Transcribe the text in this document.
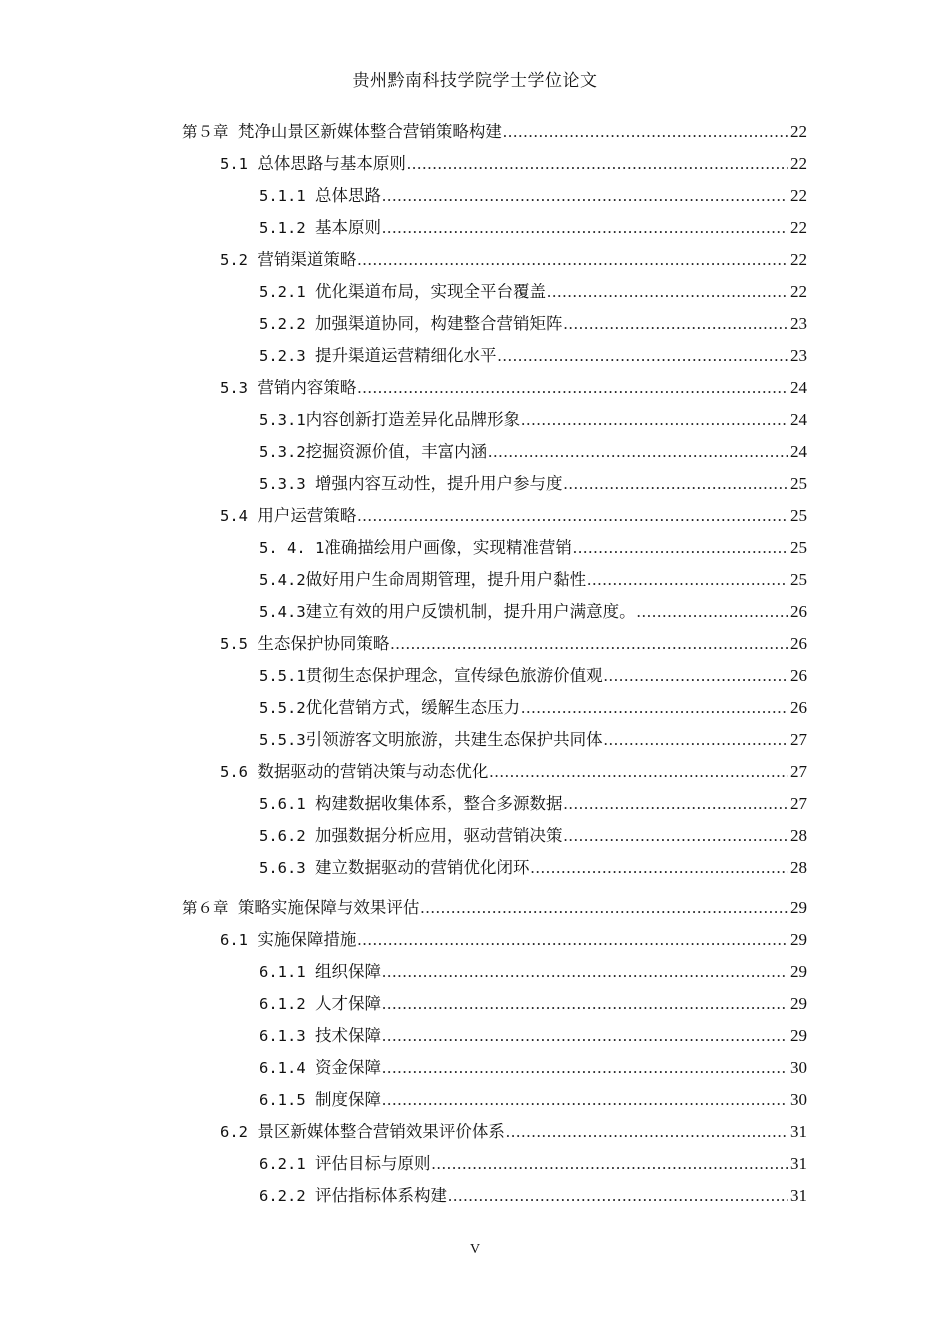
贵州黔南科技学院学士学位论文
第５章 梵净山景区新媒体整合营销策略构建 .....	22
5.1 总体思路与基本原则 .....	22
5.1.1 总体思路 .....	22
5.1.2 基本原则 .....	22
5.2 营销渠道策略 .....	22
5.2.1 优化渠道布局，实现全平台覆盖 .....	22
5.2.2 加强渠道协同，构建整合营销矩阵 .....	23
5.2.3 提升渠道运营精细化水平 .....	23
5.3 营销内容策略 .....	24
5.3.1 内容创新打造差异化品牌形象 .....	24
5.3.2 挖掘资源价值，丰富内涵 .....	24
5.3.3 增强内容互动性，提升用户参与度 .....	25
5.4 用户运营策略 .....	25
5. 4. 1 准确描绘用户画像，实现精准营销 .....	25
5.4.2 做好用户生命周期管理，提升用户黏性 .....	25
5.4.3 建立有效的用户反馈机制，提升用户满意度。 .....	26
5.5 生态保护协同策略 .....	26
5.5.1 贯彻生态保护理念，宣传绿色旅游价值观 .....	26
5.5.2 优化营销方式，缓解生态压力 .....	26
5.5.3 引领游客文明旅游，共建生态保护共同体 .....	27
5.6 数据驱动的营销决策与动态优化 .....	27
5.6.1 构建数据收集体系，整合多源数据 .....	27
5.6.2 加强数据分析应用，驱动营销决策 .....	28
5.6.3 建立数据驱动的营销优化闭环 .....	28
第６章 策略实施保障与效果评估 .....	29
6.1 实施保障措施 .....	29
6.1.1 组织保障 .....	29
6.1.2 人才保障 .....	29
6.1.3 技术保障 .....	29
6.1.4 资金保障 .....	30
6.1.5 制度保障 .....	30
6.2 景区新媒体整合营销效果评价体系 .....	31
6.2.1 评估目标与原则 .....	31
6.2.2 评估指标体系构建 .....	31
V
